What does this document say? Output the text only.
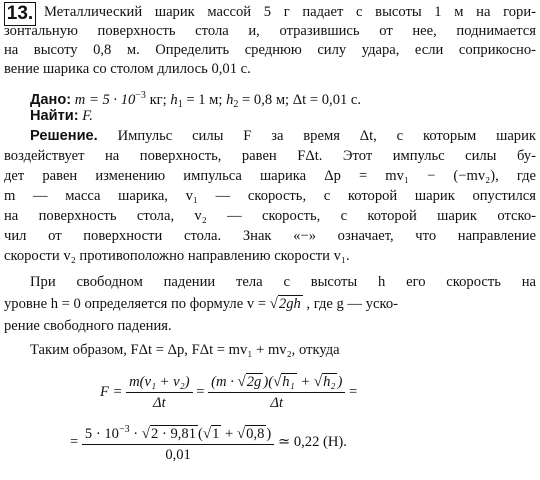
13. Металлический шарик массой 5 г падает с высоты 1 м на гори-
зонтальную поверхность стола и, отразившись от нее, поднимается
на высоту 0,8 м. Определить среднюю силу удара, если соприкосно-
вение шарика со столом длилось 0,01 с.
Дано: $m = 5 \cdot 10^{-3}$ кг; $h_1 = 1$ м; $h_2 = 0,8$ м; Δt = 0,01 с.
Найти: F.
Решение. Импульс силы F за время Δt, с которым шарик
воздействует на поверхность, равен FΔt. Этот импульс силы бу-
дет равен изменению импульса шарика Δp = mv₁ − (−mv₂), где
m — масса шарика, v₁ — скорость, с которой шарик опустился
на поверхность стола, v₂ — скорость, с которой шарик отско-
чил от поверхности стола. Знак «−» означает, что направление
скорости v₂ противоположно направлению скорости v₁.
При свободном падении тела с высоты h его скорость на
уровне h = 0 определяется по формуле v = √2gh , где g — уско-
рение свободного падения.
Таким образом, FΔt = Δp, FΔt = mv₁ + mv₂, откуда
$F = \frac{\text{m(v₁ + v₂)}}{\Delta t} = \frac{\text{(m · √2g )(√h₁ + √h₂ )}}{\Delta t}$ =
= $\frac{5 \cdot 10^{-3} \cdot √2 \cdot 9,81 (√1 + √0,8 )}{0,01}$ ≃ 0,22 (Н).
